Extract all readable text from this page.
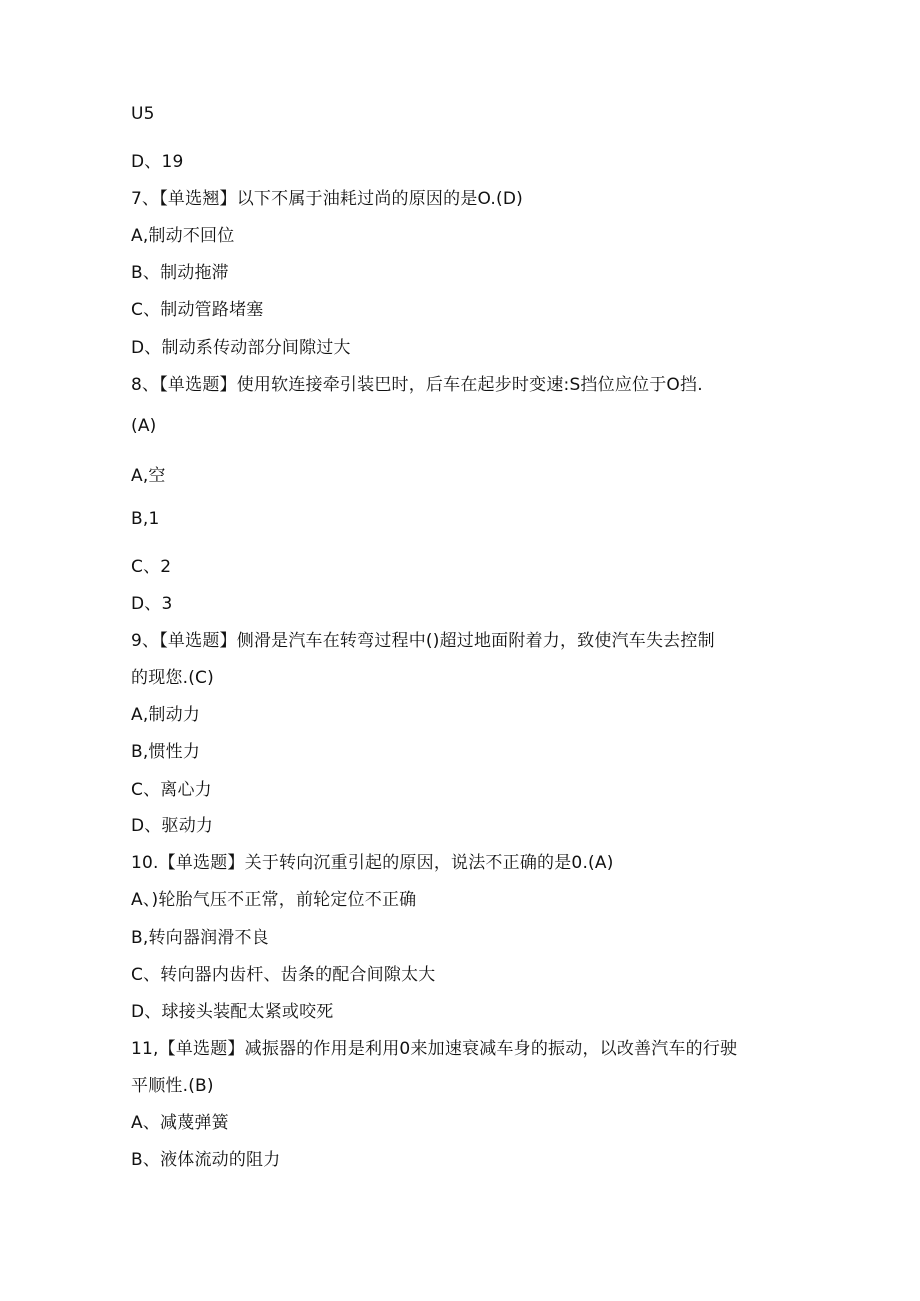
U5
D、19
7、【单选翘】以下不属于油耗过尚的原因的是O.(D)
A,制动不回位
B、制动拖滞
C、制动管路堵塞
D、制动系传动部分间隙过大
8、【单选题】使用软连接牵引装巴时，后车在起步时变速:S挡位应位于O挡.
(A)
A,空
B,1
C、2
D、3
9、【单选题】侧滑是汽车在转弯过程中()超过地面附着力，致使汽车失去控制
的现您.(C)
A,制动力
B,惯性力
C、离心力
D、驱动力
10.【单选题】关于转向沉重引起的原因，说法不正确的是0.(A)
A、)轮胎气压不正常，前轮定位不正确
B,转向器润滑不良
C、转向器内齿杆、齿条的配合间隙太大
D、球接头装配太紧或咬死
11,【单选题】减振器的作用是利用0来加速衰减车身的振动，以改善汽车的行驶
平顺性.(B)
A、减蔑弹簧
B、液体流动的阻力
